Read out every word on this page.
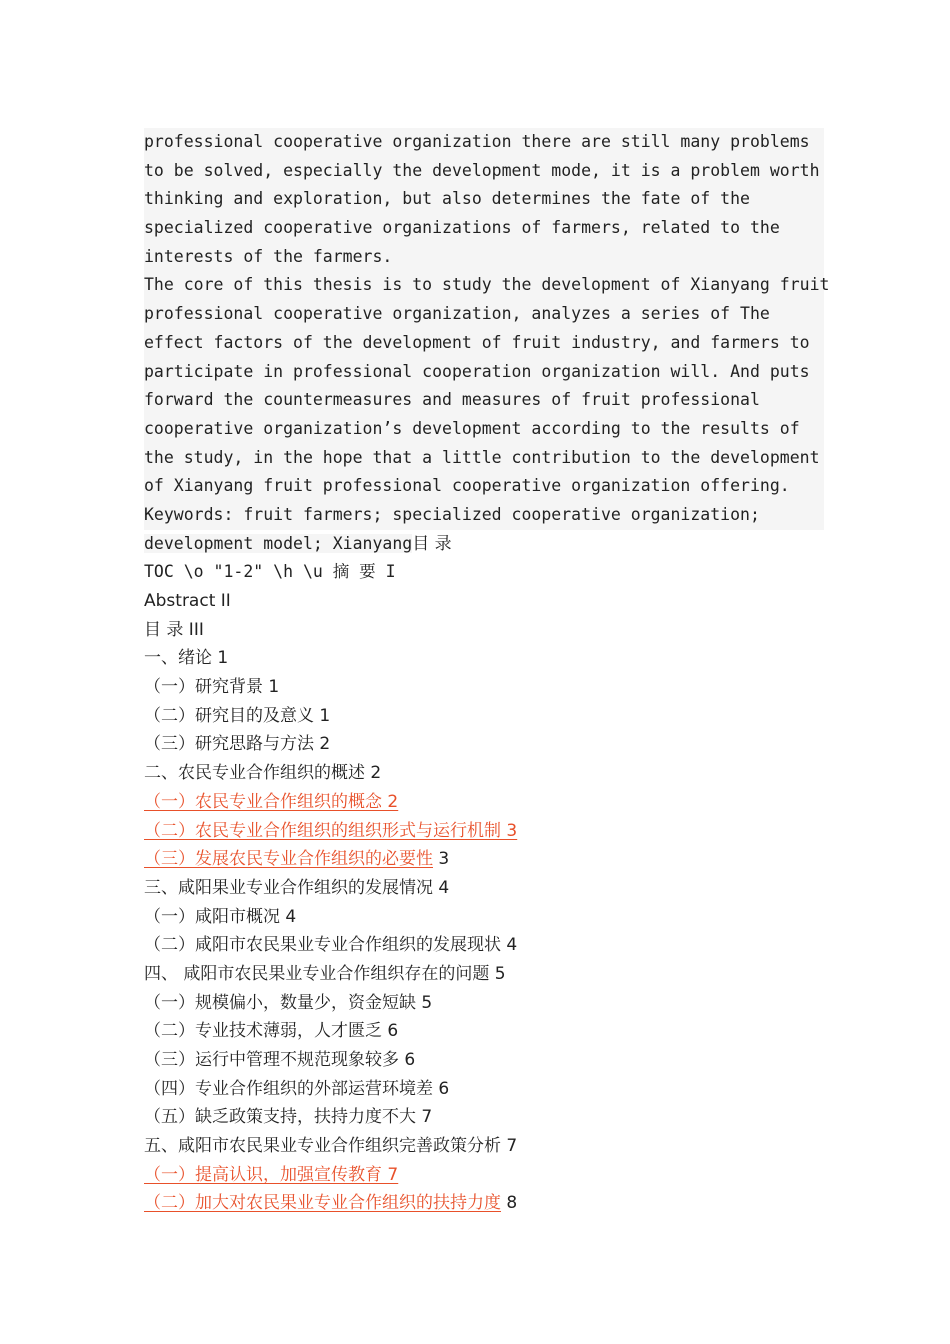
professional cooperative organization there are still many problems
to be solved, especially the development mode, it is a problem worth
thinking and exploration, but also determines the fate of the
specialized cooperative organizations of farmers, related to the
interests of the farmers.
The core of this thesis is to study the development of Xianyang fruit
professional cooperative organization, analyzes a series of The
effect factors of the development of fruit industry, and farmers to
participate in professional cooperation organization will. And puts
forward the countermeasures and measures of fruit professional
cooperative organization’s development according to the results of
the study, in the hope that a little contribution to the development
of Xianyang fruit professional cooperative organization offering.
Keywords: fruit farmers; specialized cooperative organization;
development model; Xianyang目 录
TOC \o "1-2" \h \u 摘 要 I
Abstract II
目 录 III
一、绪论 1
（一）研究背景 1
（二）研究目的及意义 1
（三）研究思路与方法 2
二、农民专业合作组织的概述 2
（一）农民专业合作组织的概念 2
（二）农民专业合作组织的组织形式与运行机制 3
（三）发展农民专业合作组织的必要性 3
三、咸阳果业专业合作组织的发展情况 4
（一）咸阳市概况 4
（二）咸阳市农民果业专业合作组织的发展现状 4
四、 咸阳市农民果业专业合作组织存在的问题 5
（一）规模偏小，数量少，资金短缺 5
（二）专业技术薄弱，人才匮乏 6
（三）运行中管理不规范现象较多 6
（四）专业合作组织的外部运营环境差 6
（五）缺乏政策支持，扶持力度不大 7
五、咸阳市农民果业专业合作组织完善政策分析 7
（一）提高认识，加强宣传教育 7
（二）加大对农民果业专业合作组织的扶持力度 8
